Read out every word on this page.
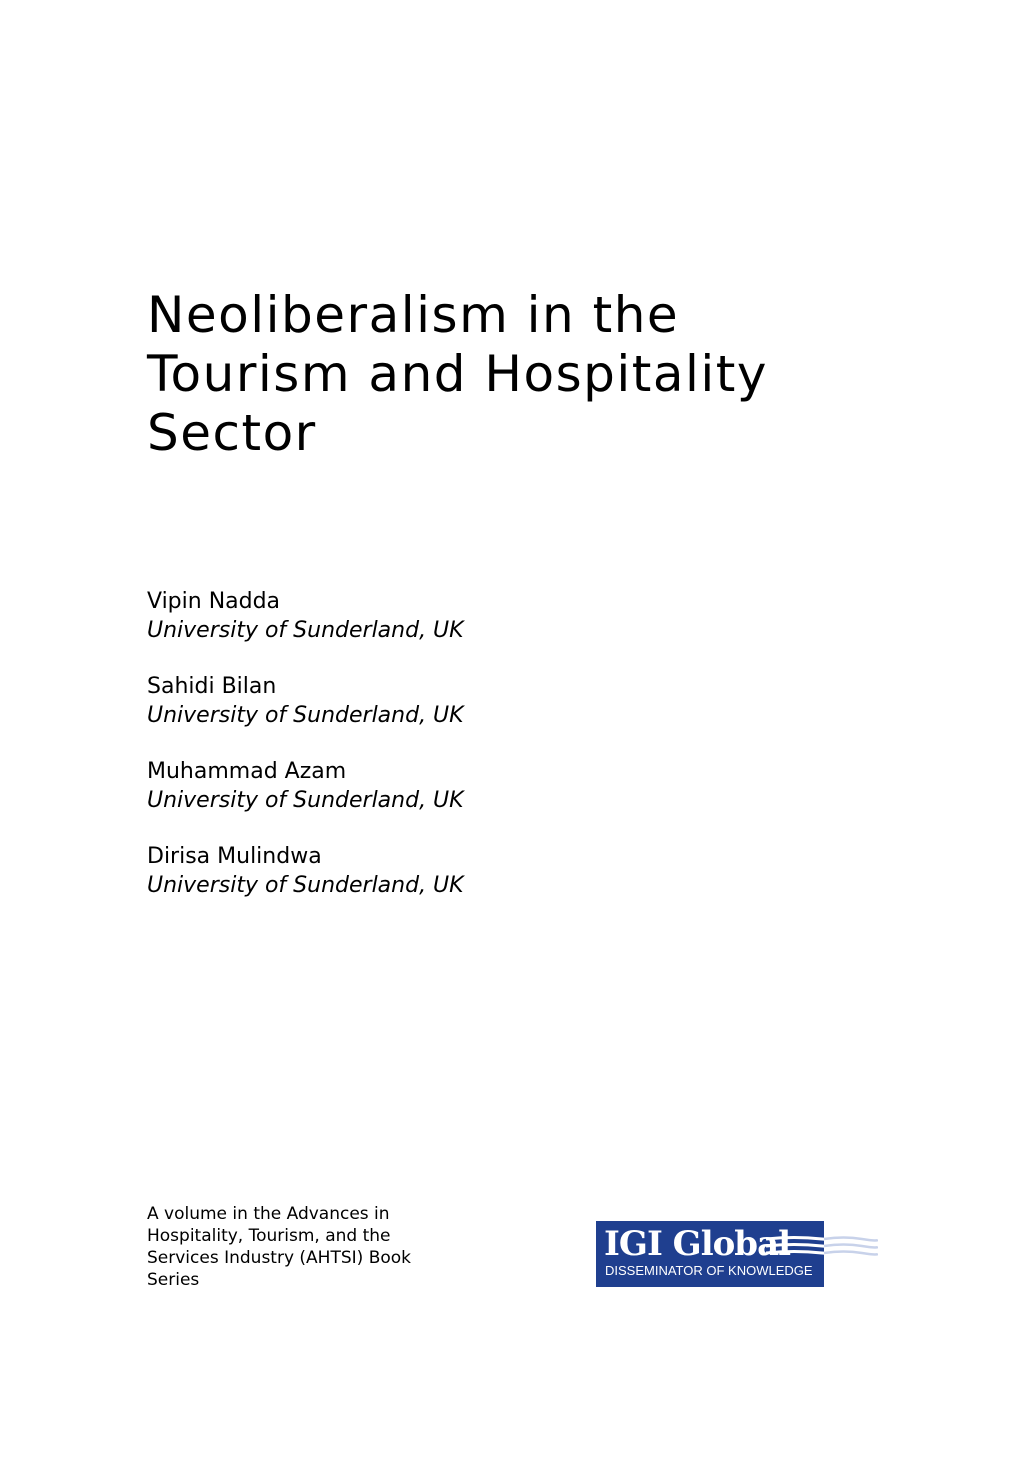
Neoliberalism in the
Tourism and Hospitality
Sector
Vipin Nadda
University of Sunderland, UK
Sahidi Bilan
University of Sunderland, UK
Muhammad Azam
University of Sunderland, UK
Dirisa Mulindwa
University of Sunderland, UK
A volume in the Advances in
Hospitality, Tourism, and the
Services Industry (AHTSI) Book
Series
IGI Global
DISSEMINATOR OF KNOWLEDGE
